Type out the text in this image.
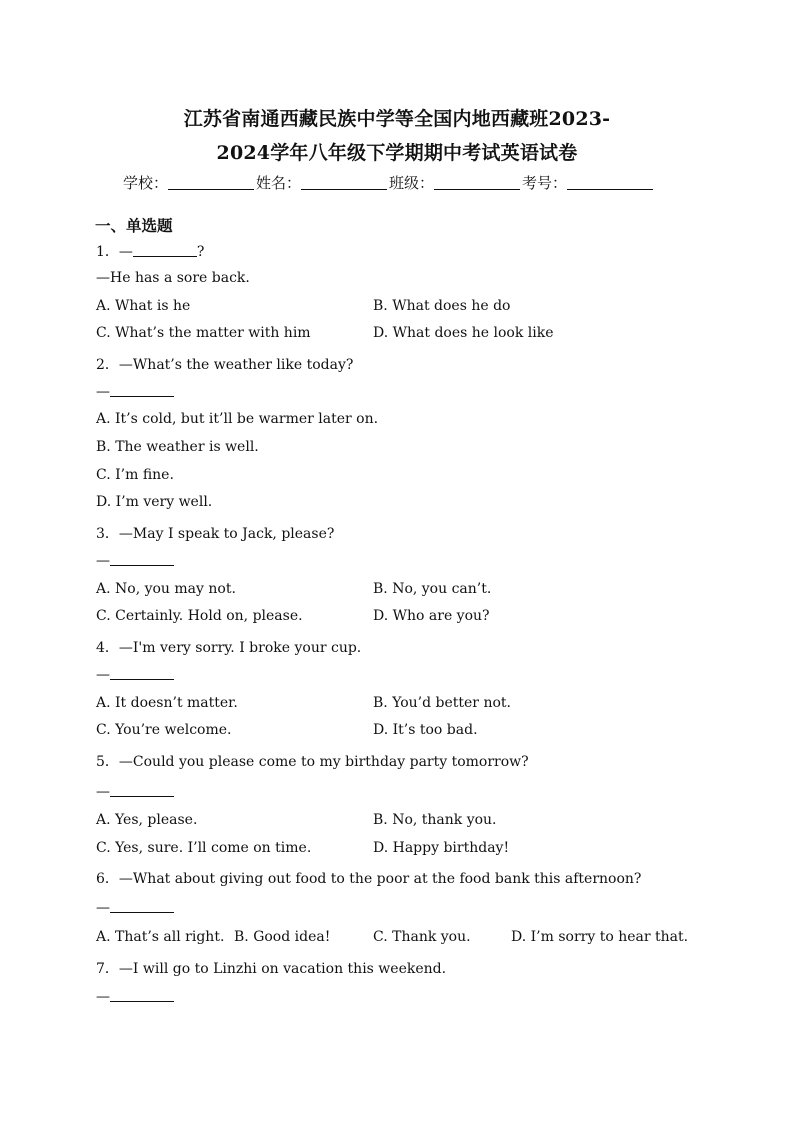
江苏省南通西藏民族中学等全国内地西藏班2023-
2024学年八年级下学期期中考试英语试卷
学校：	姓名：	班级：	考号：
一、单选题
1．—	?
—He has a sore back.
A. What is he	B. What does he do
C. What’s the matter with him	D. What does he look like
2．—What’s the weather like today?
—
A. It’s cold, but it’ll be warmer later on.
B. The weather is well.
C. I’m fine.
D. I’m very well.
3．—May I speak to Jack, please?
—
A. No, you may not.	B. No, you can’t.
C. Certainly. Hold on, please.	D. Who are you?
4．—I'm very sorry. I broke your cup.
—
A. It doesn’t matter.	B. You’d better not.
C. You’re welcome.	D. It’s too bad.
5．—Could you please come to my birthday party tomorrow?
—
A. Yes, please.	B. No, thank you.
C. Yes, sure. I’ll come on time.	D. Happy birthday!
6．—What about giving out food to the poor at the food bank this afternoon?
—
A. That’s all right. B. Good idea!	C. Thank you.	D. I’m sorry to hear that.
7．—I will go to Linzhi on vacation this weekend.
—
